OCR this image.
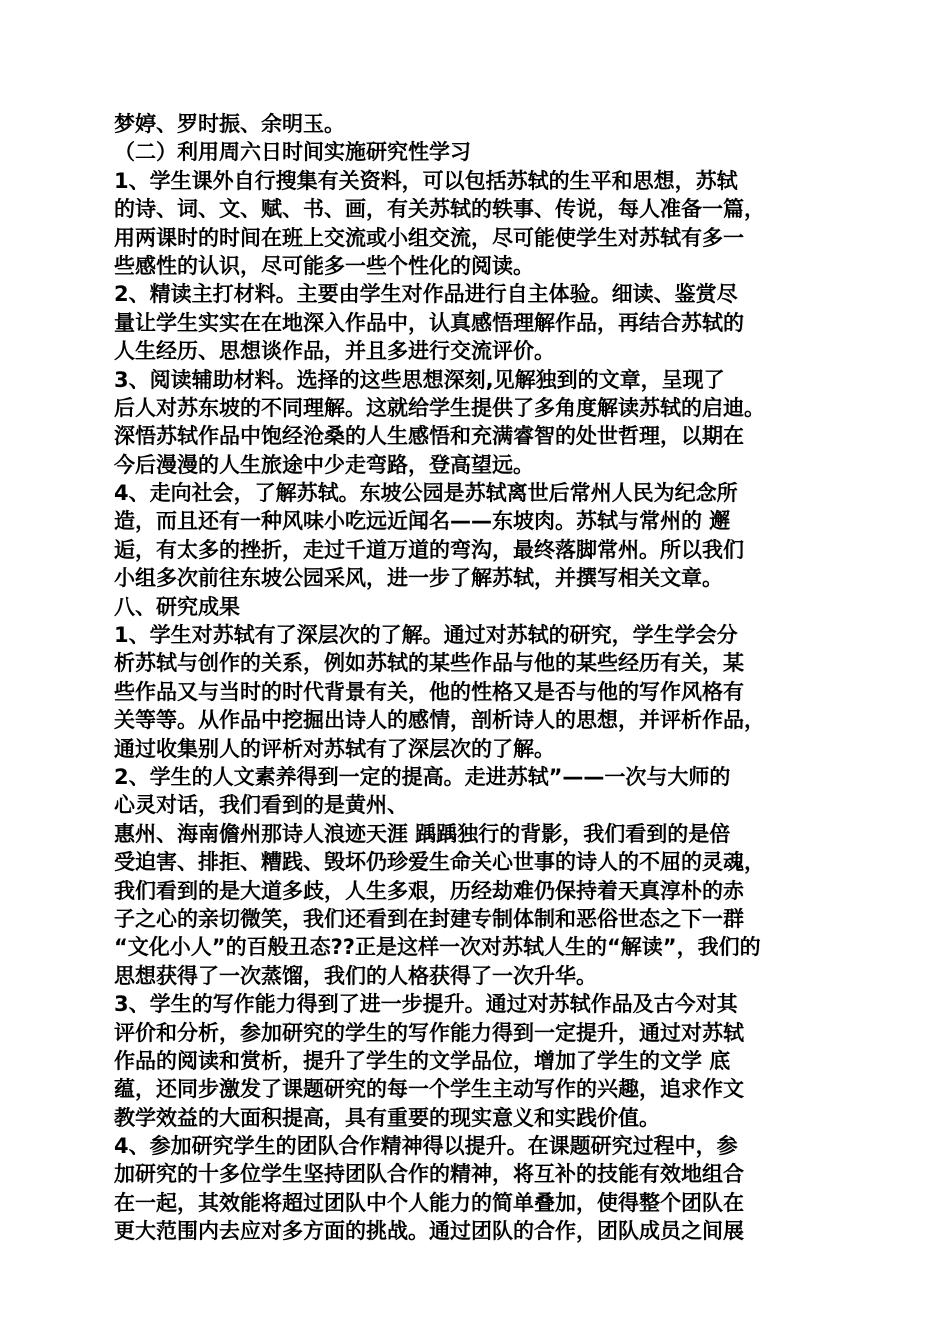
梦婷、罗时振、余明玉。
（二）利用周六日时间实施研究性学习
1、学生课外自行搜集有关资料，可以包括苏轼的生平和思想，苏轼
的诗、词、文、赋、书、画，有关苏轼的轶事、传说，每人准备一篇，
用两课时的时间在班上交流或小组交流，尽可能使学生对苏轼有多一
些感性的认识，尽可能多一些个性化的阅读。
2、精读主打材料。主要由学生对作品进行自主体验。细读、鉴赏尽
量让学生实实在在地深入作品中，认真感悟理解作品，再结合苏轼的
人生经历、思想谈作品，并且多进行交流评价。
3、阅读辅助材料。选择的这些思想深刻,见解独到的文章，呈现了
后人对苏东坡的不同理解。这就给学生提供了多角度解读苏轼的启迪。
深悟苏轼作品中饱经沧桑的人生感悟和充满睿智的处世哲理，以期在
今后漫漫的人生旅途中少走弯路，登高望远。
4、走向社会，了解苏轼。东坡公园是苏轼离世后常州人民为纪念所
造，而且还有一种风味小吃远近闻名——东坡肉。苏轼与常州的 邂
逅，有太多的挫折，走过千道万道的弯沟，最终落脚常州。所以我们
小组多次前往东坡公园采风，进一步了解苏轼，并撰写相关文章。
八、研究成果
1、学生对苏轼有了深层次的了解。通过对苏轼的研究，学生学会分
析苏轼与创作的关系，例如苏轼的某些作品与他的某些经历有关，某
些作品又与当时的时代背景有关，他的性格又是否与他的写作风格有
关等等。从作品中挖掘出诗人的感情，剖析诗人的思想，并评析作品，
通过收集别人的评析对苏轼有了深层次的了解。
2、学生的人文素养得到一定的提高。走进苏轼”——一次与大师的
心灵对话，我们看到的是黄州、
惠州、海南儋州那诗人浪迹天涯 踽踽独行的背影，我们看到的是倍
受迫害、排拒、糟践、毁坏仍珍爱生命关心世事的诗人的不屈的灵魂，
我们看到的是大道多歧，人生多艰，历经劫难仍保持着天真淳朴的赤
子之心的亲切微笑，我们还看到在封建专制体制和恶俗世态之下一群
“文化小人”的百般丑态??正是这样一次对苏轼人生的“解读”，我们的
思想获得了一次蒸馏，我们的人格获得了一次升华。
3、学生的写作能力得到了进一步提升。通过对苏轼作品及古今对其
评价和分析，参加研究的学生的写作能力得到一定提升，通过对苏轼
作品的阅读和赏析，提升了学生的文学品位，增加了学生的文学 底
蕴，还同步激发了课题研究的每一个学生主动写作的兴趣，追求作文
教学效益的大面积提高，具有重要的现实意义和实践价值。
4、参加研究学生的团队合作精神得以提升。在课题研究过程中，参
加研究的十多位学生坚持团队合作的精神，将互补的技能有效地组合
在一起，其效能将超过团队中个人能力的简单叠加，使得整个团队在
更大范围内去应对多方面的挑战。通过团队的合作，团队成员之间展
